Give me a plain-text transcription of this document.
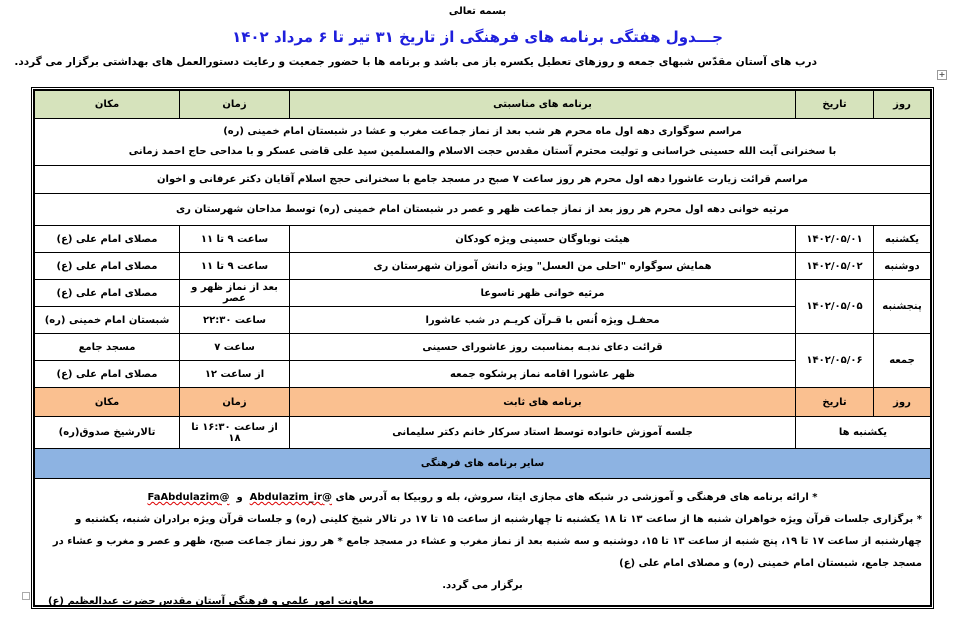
بسمه تعالی
جـــدول هفتگی برنامه های فرهنگی از تاریخ ۳۱ تیر تا ۶ مرداد ۱۴۰۲
درب های آستان مقدّس شبهای جمعه و روزهای تعطیل یکسره باز می باشد و برنامه ها با حضور جمعیت و رعایت دستورالعمل های بهداشتی برگزار می گردد.
+
روز	تاریخ	برنامه های مناسبتی	زمان	مکان

مراسم سوگواری دهه اول ماه محرم هر شب بعد از نماز جماعت مغرب و عشا در شبستان امام خمینی (ره)
با سخنرانی آیت الله حسینی خراسانی و تولیت محترم آستان مقدس حجت الاسلام والمسلمین سید علی قاضی عسکر و با مداحی حاج احمد زمانی				

مراسم قرائت زیارت عاشورا دهه اول محرم هر روز ساعت ۷ صبح در مسجد جامع با سخنرانی حجج اسلام آقایان دکتر عرفانی و اخوان				
مرثیه خوانی دهه اول محرم هر روز بعد از نماز جماعت ظهر و عصر در شبستان امام خمینی (ره) توسط مداحان شهرستان ری				
یکشنبه	۱۴۰۲/۰۵/۰۱	هیئت نوباوگان حسینی ویژه کودکان	ساعت ۹ تا ۱۱	مصلای امام علی (ع)
دوشنبه	۱۴۰۲/۰۵/۰۲	همایش سوگواره "احلی من العسل" ویژه دانش آموزان شهرستان ری	ساعت ۹ تا ۱۱	مصلای امام علی (ع)
پنجشنبه	۱۴۰۲/۰۵/۰۵	مرثیه خوانی ظهر تاسوعا	بعد از نماز ظهر و عصر	مصلای امام علی (ع)
		محفـل ویژه اُنس با قـرآن کریـم در شب عاشورا	ساعت ۲۲:۳۰	شبستان امام خمینی (ره)
جمعه	۱۴۰۲/۰۵/۰۶	قرائت دعای ندبـه بمناسبت روز عاشورای حسینی	ساعت ۷	مسجد جامع
		ظهر عاشورا اقامه نماز پرشکوه جمعه	از ساعت ۱۲	مصلای امام علی (ع)
روز	تاریخ	برنامه های ثابت	زمان	مکان
یکشنبه ها		جلسه آموزش خانواده توسط استاد سرکار خانم دکتر سلیمانی	از ساعت ۱۶:۳۰ تا ۱۸	تالارشیخ صدوق(ره)
سایر برنامه های فرهنگی				

* ارائه برنامه های فرهنگی و آموزشی در شبکه های مجازی ایتا، سروش، بله و روبیکا به آدرس های @Abdulazim_ir  و  @FaAbdulazim
* برگزاری جلسات قرآن ویژه خواهران شنبه ها از ساعت ۱۳ تا ۱۸ یکشنبه تا چهارشنبه از ساعت ۱۵ تا ۱۷ در تالار شیخ کلینی (ره) و جلسات قرآن ویژه برادران شنبه، یکشنبه و چهارشنبه از ساعت ۱۷ تا ۱۹، پنج شنبه از ساعت ۱۳ تا ۱۵، دوشنبه و سه شنبه بعد از نماز مغرب و عشاء در مسجد جامع * هر روز نماز جماعت صبح، ظهر و عصر و مغرب و عشاء در مسجد جامع، شبستان امام خمینی (ره) و مصلای امام علی (ع)
برگزار می گردد.				
معاونت امور علمی و فرهنگی آستان مقدس حضرت عبدالعظیم (ع)
